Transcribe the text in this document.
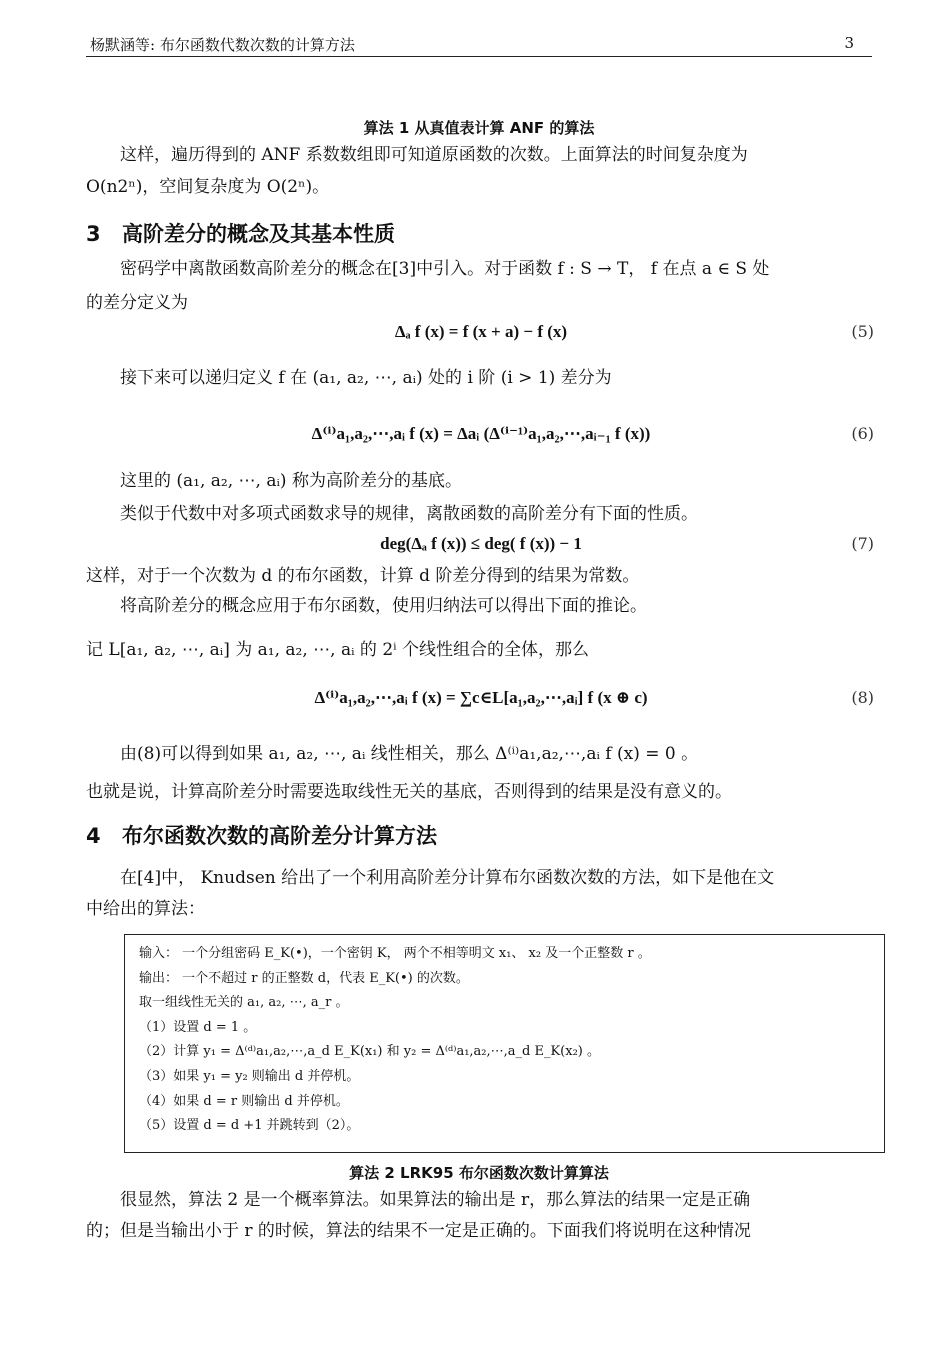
杨默涵等: 布尔函数代数次数的计算方法	3
算法 1 从真值表计算 ANF 的算法
这样，遍历得到的 ANF 系数数组即可知道原函数的次数。上面算法的时间复杂度为
O(n2ⁿ)，空间复杂度为 O(2ⁿ)。
3 高阶差分的概念及其基本性质
密码学中离散函数高阶差分的概念在[3]中引入。对于函数 f : S → T， f 在点 a ∈ S 处
的差分定义为
Δₐ f (x) = f (x + a) − f (x)	(5)
接下来可以递归定义 f 在 (a₁, a₂, ⋯, aᵢ) 处的 i 阶 (i > 1) 差分为
Δ⁽ⁱ⁾a₁,a₂,⋯,aᵢ f (x) = Δaᵢ (Δ⁽ⁱ⁻¹⁾a₁,a₂,⋯,aᵢ₋₁ f (x))	(6)
这里的 (a₁, a₂, ⋯, aᵢ) 称为高阶差分的基底。
类似于代数中对多项式函数求导的规律，离散函数的高阶差分有下面的性质。
deg(Δₐ f (x)) ≤ deg( f (x)) − 1	(7)
这样，对于一个次数为 d 的布尔函数，计算 d 阶差分得到的结果为常数。
将高阶差分的概念应用于布尔函数，使用归纳法可以得出下面的推论。
记 L[a₁, a₂, ⋯, aᵢ] 为 a₁, a₂, ⋯, aᵢ 的 2ⁱ 个线性组合的全体，那么
Δ⁽ⁱ⁾a₁,a₂,⋯,aᵢ f (x) = ∑c∈L[a₁,a₂,⋯,aᵢ] f (x ⊕ c)	(8)
由(8)可以得到如果 a₁, a₂, ⋯, aᵢ 线性相关，那么 Δ⁽ⁱ⁾a₁,a₂,⋯,aᵢ f (x) = 0 。
也就是说，计算高阶差分时需要选取线性无关的基底，否则得到的结果是没有意义的。
4 布尔函数次数的高阶差分计算方法
在[4]中， Knudsen 给出了一个利用高阶差分计算布尔函数次数的方法，如下是他在文
中给出的算法：
输入： 一个分组密码 E_K(•)，一个密钥 K， 两个不相等明文 x₁、 x₂ 及一个正整数 r 。
输出： 一个不超过 r 的正整数 d，代表 E_K(•) 的次数。
取一组线性无关的 a₁, a₂, ⋯, a_r 。
（1）设置 d = 1 。
（2）计算 y₁ = Δ⁽ᵈ⁾a₁,a₂,⋯,a_d E_K(x₁) 和 y₂ = Δ⁽ᵈ⁾a₁,a₂,⋯,a_d E_K(x₂) 。
（3）如果 y₁ = y₂ 则输出 d 并停机。
（4）如果 d = r 则输出 d 并停机。
（5）设置 d = d +1 并跳转到（2）。
算法 2 LRK95 布尔函数次数计算算法
很显然，算法 2 是一个概率算法。如果算法的输出是 r，那么算法的结果一定是正确
的；但是当输出小于 r 的时候，算法的结果不一定是正确的。下面我们将说明在这种情况
